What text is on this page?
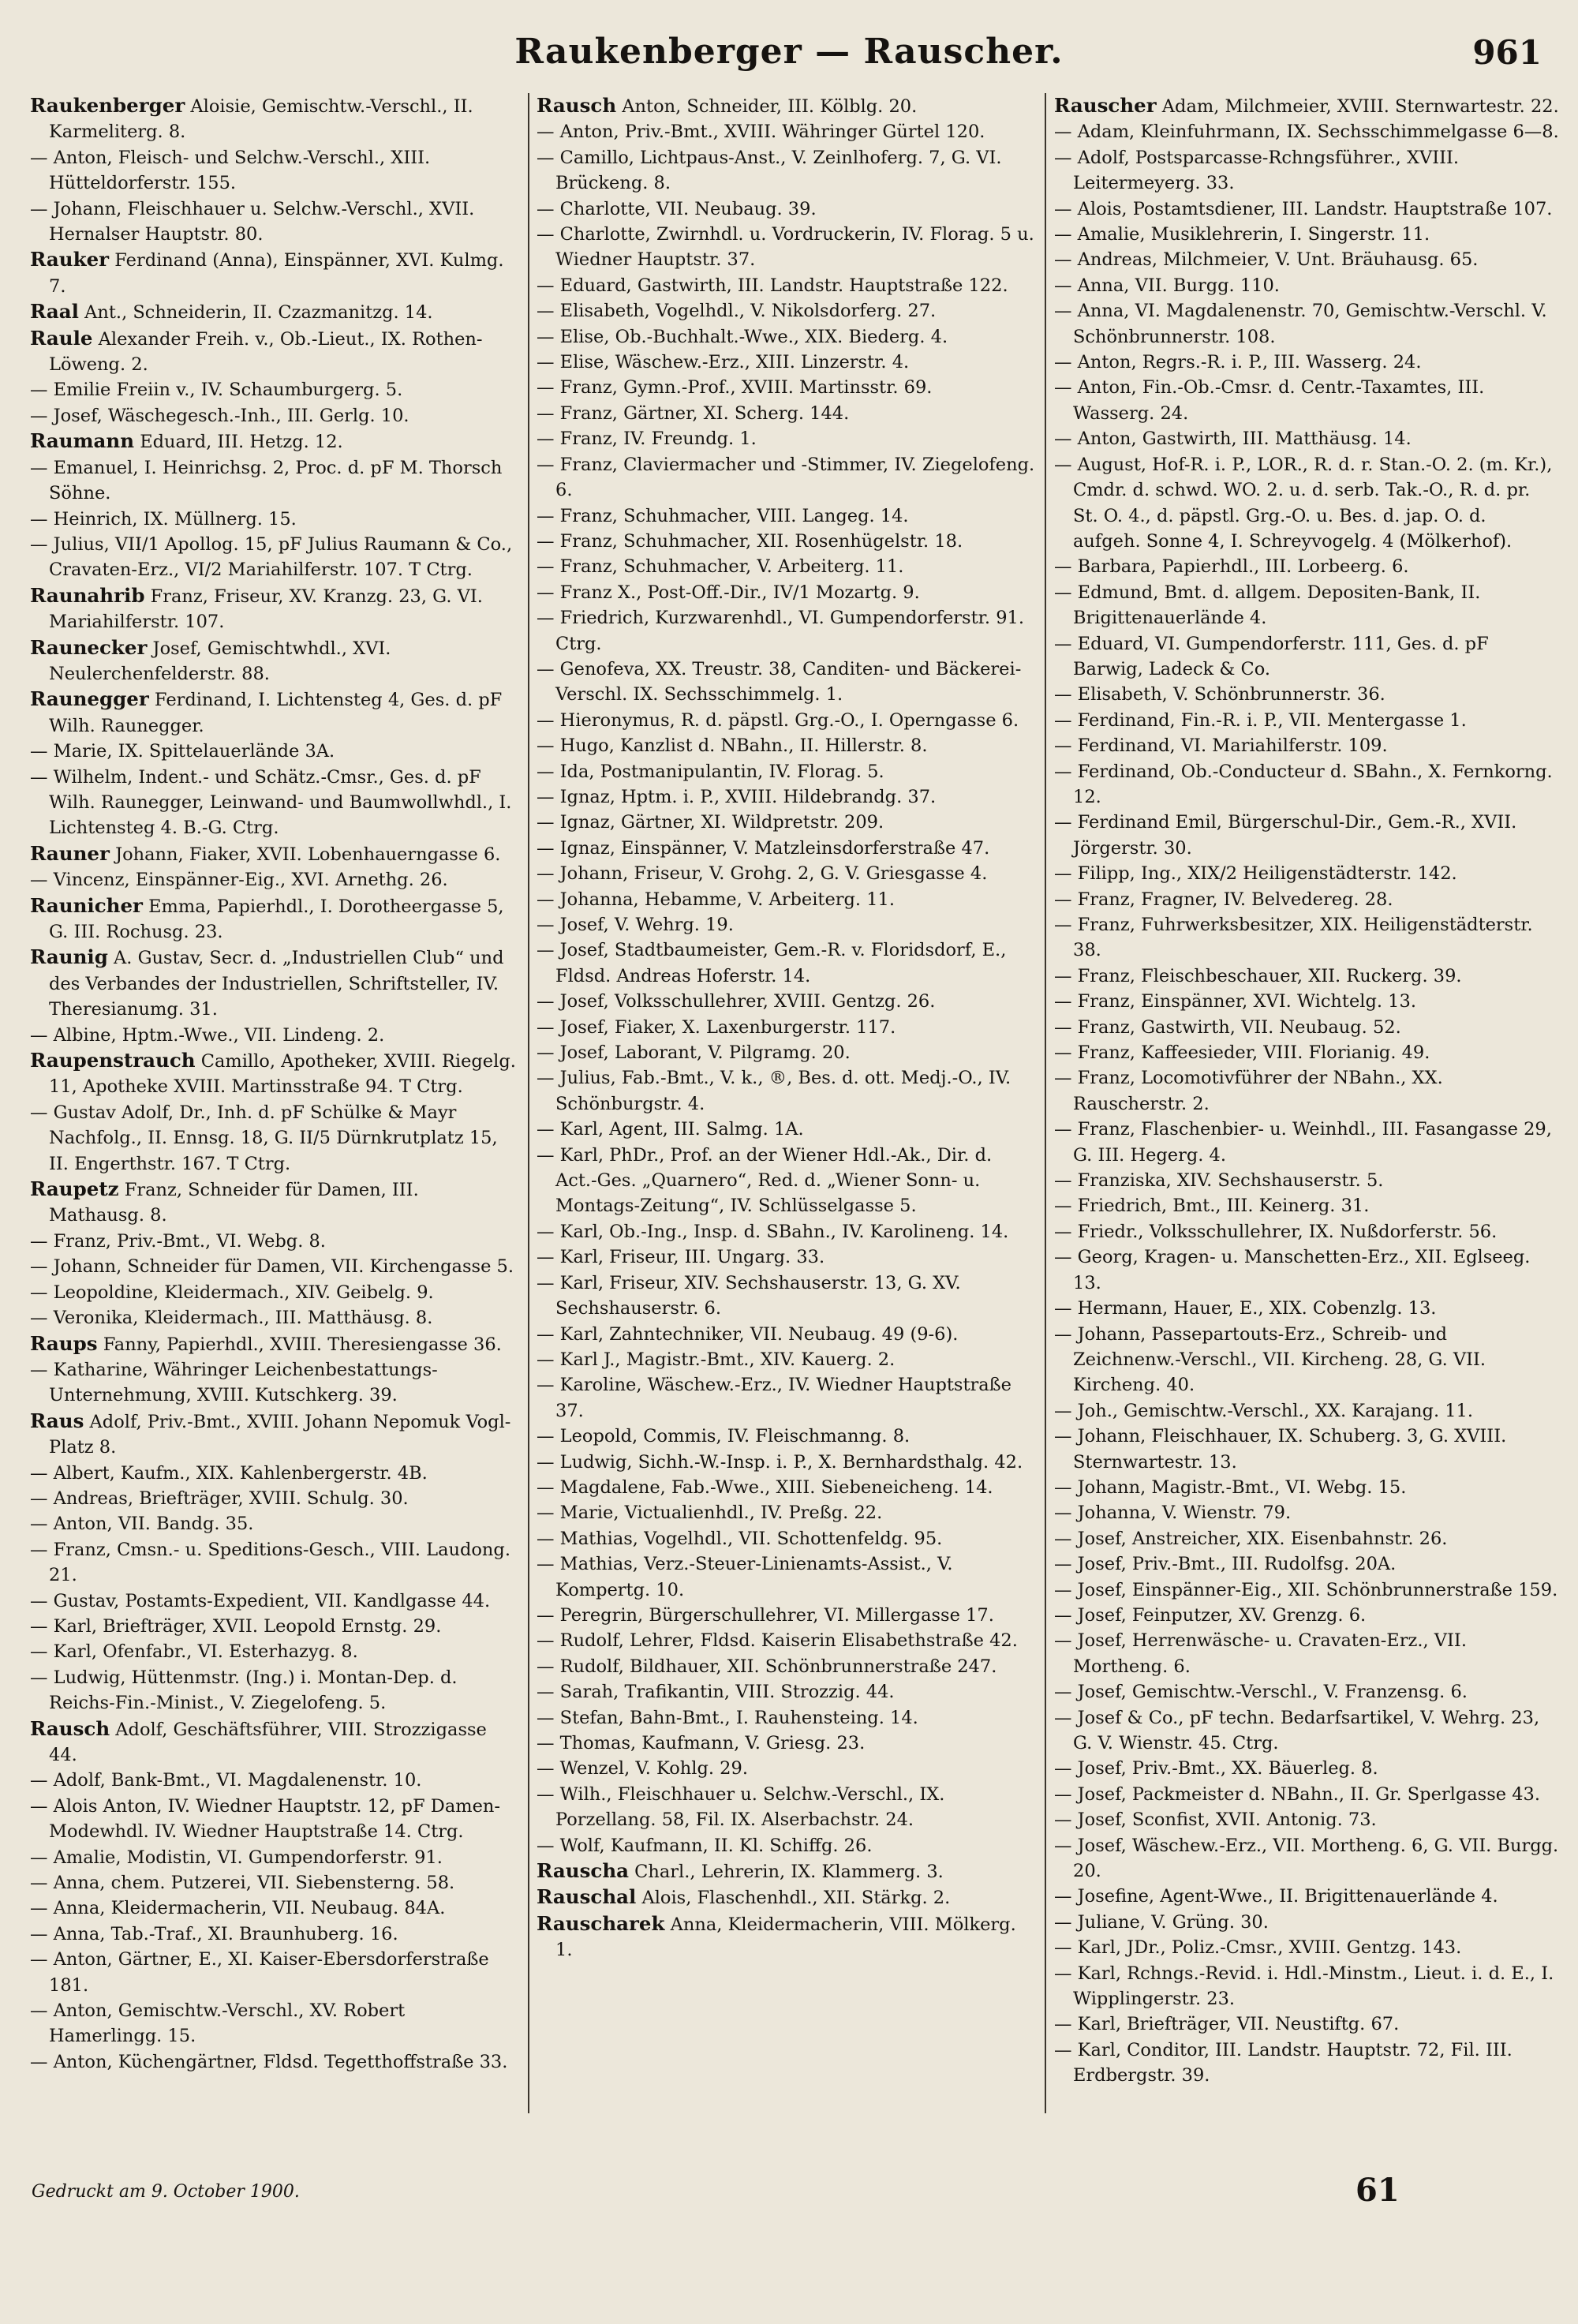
Raukenberger — Rauscher.	961
Raukenberger Aloisie, Gemischtw.-Verschl., II. Karmeliterg. 8.
— Anton, Fleisch- und Selchw.-Verschl., XIII. Hütteldorferstr. 155.
— Johann, Fleischhauer u. Selchw.-Verschl., XVII. Hernalser Hauptstr. 80.
Rauker Ferdinand (Anna), Einspänner, XVI. Kulmg. 7.
Raal Ant., Schneiderin, II. Czazmanitzg. 14.
Raule Alexander Freih. v., Ob.-Lieut., IX. Rothen-Löweng. 2.
— Emilie Freiin v., IV. Schaumburgerg. 5.
— Josef, Wäschegesch.-Inh., III. Gerlg. 10.
Raumann Eduard, III. Hetzg. 12.
— Emanuel, I. Heinrichsg. 2, Proc. d. pF M. Thorsch Söhne.
— Heinrich, IX. Müllnerg. 15.
— Julius, VII/1 Apollog. 15, pF Julius Raumann & Co., Cravaten-Erz., VI/2 Mariahilferstr. 107. T Ctrg.
Raunahrib Franz, Friseur, XV. Kranzg. 23, G. VI. Mariahilferstr. 107.
Raunecker Josef, Gemischtwhdl., XVI. Neulerchenfelderstr. 88.
Raunegger Ferdinand, I. Lichtensteg 4, Ges. d. pF Wilh. Raunegger.
— Marie, IX. Spittelauerlände 3A.
— Wilhelm, Indent.- und Schätz.-Cmsr., Ges. d. pF Wilh. Raunegger, Leinwand- und Baumwollwhdl., I. Lichtensteg 4. B.-G. Ctrg.
Rauner Johann, Fiaker, XVII. Lobenhauerngasse 6.
— Vincenz, Einspänner-Eig., XVI. Arnethg. 26.
Raunicher Emma, Papierhdl., I. Dorotheergasse 5, G. III. Rochusg. 23.
Raunig A. Gustav, Secr. d. „Industriellen Club“ und des Verbandes der Industriellen, Schriftsteller, IV. Theresianumg. 31.
— Albine, Hptm.-Wwe., VII. Lindeng. 2.
Raupenstrauch Camillo, Apotheker, XVIII. Riegelg. 11, Apotheke XVIII. Martinsstraße 94. T Ctrg.
— Gustav Adolf, Dr., Inh. d. pF Schülke & Mayr Nachfolg., II. Ennsg. 18, G. II/5 Dürnkrutplatz 15, II. Engerthstr. 167. T Ctrg.
Raupetz Franz, Schneider für Damen, III. Mathausg. 8.
— Franz, Priv.-Bmt., VI. Webg. 8.
— Johann, Schneider für Damen, VII. Kirchengasse 5.
— Leopoldine, Kleidermach., XIV. Geibelg. 9.
— Veronika, Kleidermach., III. Matthäusg. 8.
Raups Fanny, Papierhdl., XVIII. Theresiengasse 36.
— Katharine, Währinger Leichenbestattungs-Unternehmung, XVIII. Kutschkerg. 39.
Raus Adolf, Priv.-Bmt., XVIII. Johann Nepomuk Vogl-Platz 8.
— Albert, Kaufm., XIX. Kahlenbergerstr. 4B.
— Andreas, Briefträger, XVIII. Schulg. 30.
— Anton, VII. Bandg. 35.
— Franz, Cmsn.- u. Speditions-Gesch., VIII. Laudong. 21.
— Gustav, Postamts-Expedient, VII. Kandlgasse 44.
— Karl, Briefträger, XVII. Leopold Ernstg. 29.
— Karl, Ofenfabr., VI. Esterhazyg. 8.
— Ludwig, Hüttenmstr. (Ing.) i. Montan-Dep. d. Reichs-Fin.-Minist., V. Ziegelofeng. 5.
Rausch Adolf, Geschäftsführer, VIII. Strozzigasse 44.
— Adolf, Bank-Bmt., VI. Magdalenenstr. 10.
— Alois Anton, IV. Wiedner Hauptstr. 12, pF Damen-Modewhdl. IV. Wiedner Hauptstraße 14. Ctrg.
— Amalie, Modistin, VI. Gumpendorferstr. 91.
— Anna, chem. Putzerei, VII. Siebensterng. 58.
— Anna, Kleidermacherin, VII. Neubaug. 84A.
— Anna, Tab.-Traf., XI. Braunhuberg. 16.
— Anton, Gärtner, E., XI. Kaiser-Ebersdorferstraße 181.
— Anton, Gemischtw.-Verschl., XV. Robert Hamerlingg. 15.
— Anton, Küchengärtner, Fldsd. Tegetthoffstraße 33.
Rausch Anton, Schneider, III. Kölblg. 20.
— Anton, Priv.-Bmt., XVIII. Währinger Gürtel 120.
— Camillo, Lichtpaus-Anst., V. Zeinlhoferg. 7, G. VI. Brückeng. 8.
— Charlotte, VII. Neubaug. 39.
— Charlotte, Zwirnhdl. u. Vordruckerin, IV. Florag. 5 u. Wiedner Hauptstr. 37.
— Eduard, Gastwirth, III. Landstr. Hauptstraße 122.
— Elisabeth, Vogelhdl., V. Nikolsdorferg. 27.
— Elise, Ob.-Buchhalt.-Wwe., XIX. Biederg. 4.
— Elise, Wäschew.-Erz., XIII. Linzerstr. 4.
— Franz, Gymn.-Prof., XVIII. Martinsstr. 69.
— Franz, Gärtner, XI. Scherg. 144.
— Franz, IV. Freundg. 1.
— Franz, Claviermacher und -Stimmer, IV. Ziegelofeng. 6.
— Franz, Schuhmacher, VIII. Langeg. 14.
— Franz, Schuhmacher, XII. Rosenhügelstr. 18.
— Franz, Schuhmacher, V. Arbeiterg. 11.
— Franz X., Post-Off.-Dir., IV/1 Mozartg. 9.
— Friedrich, Kurzwarenhdl., VI. Gumpendorferstr. 91. Ctrg.
— Genofeva, XX. Treustr. 38, Canditen- und Bäckerei-Verschl. IX. Sechsschimmelg. 1.
— Hieronymus, R. d. päpstl. Grg.-O., I. Operngasse 6.
— Hugo, Kanzlist d. NBahn., II. Hillerstr. 8.
— Ida, Postmanipulantin, IV. Florag. 5.
— Ignaz, Hptm. i. P., XVIII. Hildebrandg. 37.
— Ignaz, Gärtner, XI. Wildpretstr. 209.
— Ignaz, Einspänner, V. Matzleinsdorferstraße 47.
— Johann, Friseur, V. Grohg. 2, G. V. Griesgasse 4.
— Johanna, Hebamme, V. Arbeiterg. 11.
— Josef, V. Wehrg. 19.
— Josef, Stadtbaumeister, Gem.-R. v. Floridsdorf, E., Fldsd. Andreas Hoferstr. 14.
— Josef, Volksschullehrer, XVIII. Gentzg. 26.
— Josef, Fiaker, X. Laxenburgerstr. 117.
— Josef, Laborant, V. Pilgramg. 20.
— Julius, Fab.-Bmt., V. k., ®, Bes. d. ott. Medj.-O., IV. Schönburgstr. 4.
— Karl, Agent, III. Salmg. 1A.
— Karl, PhDr., Prof. an der Wiener Hdl.-Ak., Dir. d. Act.-Ges. „Quarnero“, Red. d. „Wiener Sonn- u. Montags-Zeitung“, IV. Schlüsselgasse 5.
— Karl, Ob.-Ing., Insp. d. SBahn., IV. Karolineng. 14.
— Karl, Friseur, III. Ungarg. 33.
— Karl, Friseur, XIV. Sechshauserstr. 13, G. XV. Sechshauserstr. 6.
— Karl, Zahntechniker, VII. Neubaug. 49 (9-6).
— Karl J., Magistr.-Bmt., XIV. Kauerg. 2.
— Karoline, Wäschew.-Erz., IV. Wiedner Hauptstraße 37.
— Leopold, Commis, IV. Fleischmanng. 8.
— Ludwig, Sichh.-W.-Insp. i. P., X. Bernhardsthalg. 42.
— Magdalene, Fab.-Wwe., XIII. Siebeneicheng. 14.
— Marie, Victualienhdl., IV. Preßg. 22.
— Mathias, Vogelhdl., VII. Schottenfeldg. 95.
— Mathias, Verz.-Steuer-Linienamts-Assist., V. Kompertg. 10.
— Peregrin, Bürgerschullehrer, VI. Millergasse 17.
— Rudolf, Lehrer, Fldsd. Kaiserin Elisabethstraße 42.
— Rudolf, Bildhauer, XII. Schönbrunnerstraße 247.
— Sarah, Trafikantin, VIII. Strozzig. 44.
— Stefan, Bahn-Bmt., I. Rauhensteing. 14.
— Thomas, Kaufmann, V. Griesg. 23.
— Wenzel, V. Kohlg. 29.
— Wilh., Fleischhauer u. Selchw.-Verschl., IX. Porzellang. 58, Fil. IX. Alserbachstr. 24.
— Wolf, Kaufmann, II. Kl. Schiffg. 26.
Rauscha Charl., Lehrerin, IX. Klammerg. 3.
Rauschal Alois, Flaschenhdl., XII. Stärkg. 2.
Rauscharek Anna, Kleidermacherin, VIII. Mölkerg. 1.
Rauscher Adam, Milchmeier, XVIII. Sternwartestr. 22.
— Adam, Kleinfuhrmann, IX. Sechsschimmelgasse 6—8.
— Adolf, Postsparcasse-Rchngsführer., XVIII. Leitermeyerg. 33.
— Alois, Postamtsdiener, III. Landstr. Hauptstraße 107.
— Amalie, Musiklehrerin, I. Singerstr. 11.
— Andreas, Milchmeier, V. Unt. Bräuhausg. 65.
— Anna, VII. Burgg. 110.
— Anna, VI. Magdalenenstr. 70, Gemischtw.-Verschl. V. Schönbrunnerstr. 108.
— Anton, Regrs.-R. i. P., III. Wasserg. 24.
— Anton, Fin.-Ob.-Cmsr. d. Centr.-Taxamtes, III. Wasserg. 24.
— Anton, Gastwirth, III. Matthäusg. 14.
— August, Hof-R. i. P., LOR., R. d. r. Stan.-O. 2. (m. Kr.), Cmdr. d. schwd. WO. 2. u. d. serb. Tak.-O., R. d. pr. St. O. 4., d. päpstl. Grg.-O. u. Bes. d. jap. O. d. aufgeh. Sonne 4, I. Schreyvogelg. 4 (Mölkerhof).
— Barbara, Papierhdl., III. Lorbeerg. 6.
— Edmund, Bmt. d. allgem. Depositen-Bank, II. Brigittenauerlände 4.
— Eduard, VI. Gumpendorferstr. 111, Ges. d. pF Barwig, Ladeck & Co.
— Elisabeth, V. Schönbrunnerstr. 36.
— Ferdinand, Fin.-R. i. P., VII. Mentergasse 1.
— Ferdinand, VI. Mariahilferstr. 109.
— Ferdinand, Ob.-Conducteur d. SBahn., X. Fernkorng. 12.
— Ferdinand Emil, Bürgerschul-Dir., Gem.-R., XVII. Jörgerstr. 30.
— Filipp, Ing., XIX/2 Heiligenstädterstr. 142.
— Franz, Fragner, IV. Belvedereg. 28.
— Franz, Fuhrwerksbesitzer, XIX. Heiligenstädterstr. 38.
— Franz, Fleischbeschauer, XII. Ruckerg. 39.
— Franz, Einspänner, XVI. Wichtelg. 13.
— Franz, Gastwirth, VII. Neubaug. 52.
— Franz, Kaffeesieder, VIII. Florianig. 49.
— Franz, Locomotivführer der NBahn., XX. Rauscherstr. 2.
— Franz, Flaschenbier- u. Weinhdl., III. Fasangasse 29, G. III. Hegerg. 4.
— Franziska, XIV. Sechshauserstr. 5.
— Friedrich, Bmt., III. Keinerg. 31.
— Friedr., Volksschullehrer, IX. Nußdorferstr. 56.
— Georg, Kragen- u. Manschetten-Erz., XII. Eglseeg. 13.
— Hermann, Hauer, E., XIX. Cobenzlg. 13.
— Johann, Passepartouts-Erz., Schreib- und Zeichnenw.-Verschl., VII. Kircheng. 28, G. VII. Kircheng. 40.
— Joh., Gemischtw.-Verschl., XX. Karajang. 11.
— Johann, Fleischhauer, IX. Schuberg. 3, G. XVIII. Sternwartestr. 13.
— Johann, Magistr.-Bmt., VI. Webg. 15.
— Johanna, V. Wienstr. 79.
— Josef, Anstreicher, XIX. Eisenbahnstr. 26.
— Josef, Priv.-Bmt., III. Rudolfsg. 20A.
— Josef, Einspänner-Eig., XII. Schönbrunnerstraße 159.
— Josef, Feinputzer, XV. Grenzg. 6.
— Josef, Herrenwäsche- u. Cravaten-Erz., VII. Mortheng. 6.
— Josef, Gemischtw.-Verschl., V. Franzensg. 6.
— Josef & Co., pF techn. Bedarfsartikel, V. Wehrg. 23, G. V. Wienstr. 45. Ctrg.
— Josef, Priv.-Bmt., XX. Bäuerleg. 8.
— Josef, Packmeister d. NBahn., II. Gr. Sperlgasse 43.
— Josef, Sconfist, XVII. Antonig. 73.
— Josef, Wäschew.-Erz., VII. Mortheng. 6, G. VII. Burgg. 20.
— Josefine, Agent-Wwe., II. Brigittenauerlände 4.
— Juliane, V. Grüng. 30.
— Karl, JDr., Poliz.-Cmsr., XVIII. Gentzg. 143.
— Karl, Rchngs.-Revid. i. Hdl.-Minstm., Lieut. i. d. E., I. Wipplingerstr. 23.
— Karl, Briefträger, VII. Neustiftg. 67.
— Karl, Conditor, III. Landstr. Hauptstr. 72, Fil. III. Erdbergstr. 39.
Gedruckt am 9. October 1900.	61
